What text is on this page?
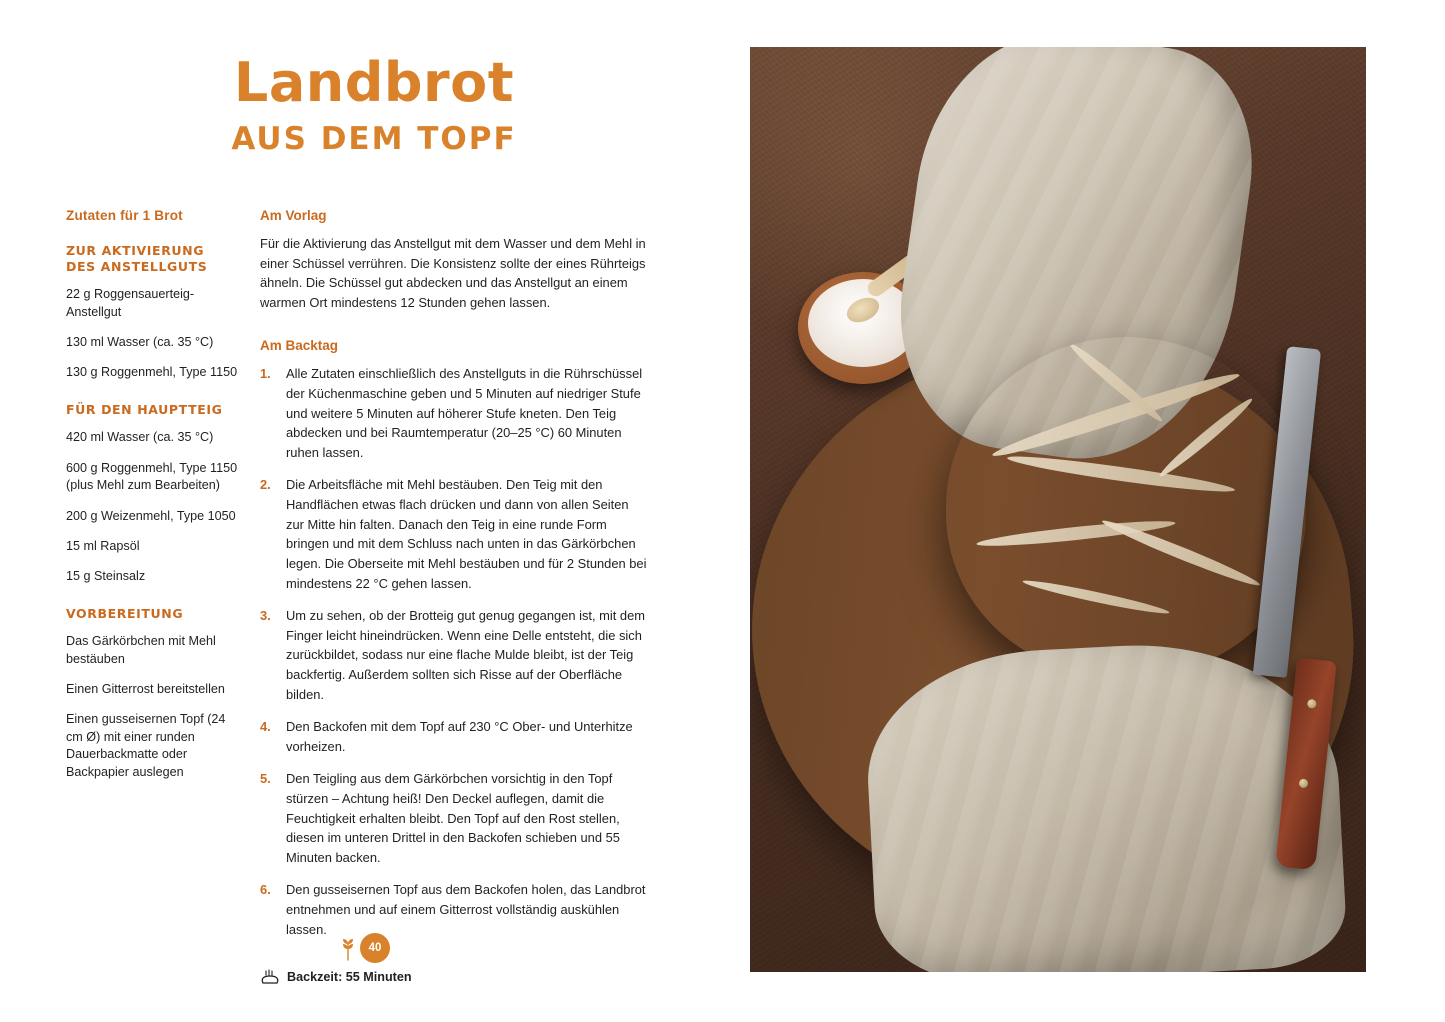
Landbrot
AUS DEM TOPF
Zutaten für 1 Brot
ZUR AKTIVIERUNG DES ANSTELLGUTS

22 g Roggensauerteig-Anstellgut

130 ml Wasser (ca. 35 °C)

130 g Roggenmehl, Type 1150

FÜR DEN HAUPTTEIG

420 ml Wasser (ca. 35 °C)

600 g Roggenmehl, Type 1150 (plus Mehl zum Bearbeiten)

200 g Weizenmehl, Type 1050

15 ml Rapsöl

15 g Steinsalz

VORBEREITUNG

Das Gärkörbchen mit Mehl bestäuben

Einen Gitterrost bereitstellen

Einen gusseisernen Topf (24 cm Ø) mit einer runden Dauerbackmatte oder Backpapier auslegen

Am Vorlag

Für die Aktivierung das Anstellgut mit dem Wasser und dem Mehl in einer Schüssel verrühren. Die Konsistenz sollte der eines Rührteigs ähneln. Die Schüssel gut abdecken und das Anstellgut an einem warmen Ort mindestens 12 Stunden gehen lassen.

Am Backtag
1. Alle Zutaten einschließlich des Anstellguts in die Rührschüssel der Küchenmaschine geben und 5 Minuten auf niedriger Stufe und weitere 5 Minuten auf höherer Stufe kneten. Den Teig abdecken und bei Raumtemperatur (20–25 °C) 60 Minuten ruhen lassen.
2. Die Arbeitsfläche mit Mehl bestäuben. Den Teig mit den Handflächen etwas flach drücken und dann von allen Seiten zur Mitte hin falten. Danach den Teig in eine runde Form bringen und mit dem Schluss nach unten in das Gärkörbchen legen. Die Oberseite mit Mehl bestäuben und für 2 Stunden bei mindestens 22 °C gehen lassen.
3. Um zu sehen, ob der Brotteig gut genug gegangen ist, mit dem Finger leicht hineindrücken. Wenn eine Delle entsteht, die sich zurückbildet, sodass nur eine flache Mulde bleibt, ist der Teig backfertig. Außerdem sollten sich Risse auf der Oberfläche bilden.
4. Den Backofen mit dem Topf auf 230 °C Ober- und Unterhitze vorheizen.
5. Den Teigling aus dem Gärkörbchen vorsichtig in den Topf stürzen – Achtung heiß! Den Deckel auflegen, damit die Feuchtigkeit erhalten bleibt. Den Topf auf den Rost stellen, diesen im unteren Drittel in den Backofen schieben und 55 Minuten backen.
6. Den gusseisernen Topf aus dem Backofen holen, das Landbrot entnehmen und auf einem Gitterrost vollständig auskühlen lassen.
Backzeit: 55 Minuten
40
